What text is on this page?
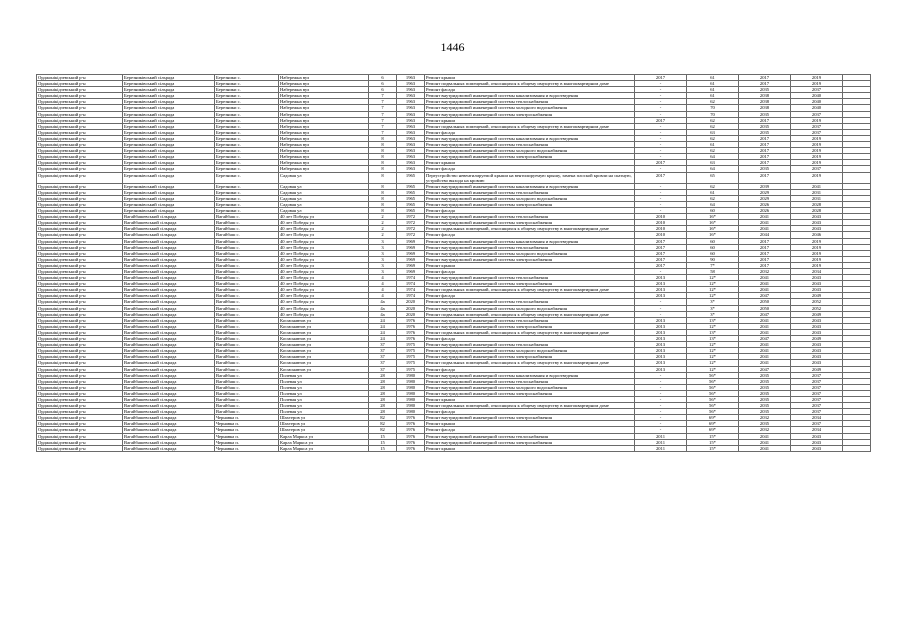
1446
Орджонікідзевський р-н	Березниківський сільрада	Березники с.	Набережна вул	6	1963	Ремонт крыши	2017	61	2017	2019	
Орджонікідзевський р-н	Березниківський сільрада	Березники с.	Набережна вул	6	1963	Ремонт подвальных помещений, относящихся к общему имуществу в многоквартирном доме	-	61	2017	2019	
Орджонікідзевський р-н	Березниківський сільрада	Березники с.	Набережна вул	6	1963	Ремонт фасада	-	61	2035	2037	
Орджонікідзевський р-н	Березниківський сільрада	Березники с.	Набережна вул	7	1963	Ремонт внутридомовой инженерной системы канализования и водоотведения	-	61	2038	2040	
Орджонікідзевський р-н	Березниківський сільрада	Березники с.	Набережна вул	7	1963	Ремонт внутридомовой инженерной системы теплоснабжения	-	62	2038	2040	
Орджонікідзевський р-н	Березниківський сільрада	Березники с.	Набережна вул	7	1963	Ремонт внутридомовой инженерной системы холодного водоснабжения	-	70	2038	2040	
Орджонікідзевський р-н	Березниківський сільрада	Березники с.	Набережна вул	7	1963	Ремонт внутридомовой инженерной системы электроснабжения	-	70	2035	2037	
Орджонікідзевський р-н	Березниківський сільрада	Березники с.	Набережна вул	7	1963	Ремонт крыши	2017	62	2017	2019	
Орджонікідзевський р-н	Березниківський сільрада	Березники с.	Набережна вул	7	1963	Ремонт подвальных помещений, относящихся к общему имуществу в многоквартирном доме	-	62	2035	2037	
Орджонікідзевський р-н	Березниківський сільрада	Березники с.	Набережна вул	7	1963	Ремонт фасада	-	63	2035	2037	
Орджонікідзевський р-н	Березниківський сільрада	Березники с.	Набережна вул	8	1963	Ремонт внутридомовой инженерной системы канализования и водоотведения	-	62	2017	2019	
Орджонікідзевський р-н	Березниківський сільрада	Березники с.	Набережна вул	8	1963	Ремонт внутридомовой инженерной системы теплоснабжения	-	61	2017	2019	
Орджонікідзевський р-н	Березниківський сільрада	Березники с.	Набережна вул	8	1963	Ремонт внутридомовой инженерной системы холодного водоснабжения	-	62	2017	2019	
Орджонікідзевський р-н	Березниківський сільрада	Березники с.	Набережна вул	8	1963	Ремонт внутридомовой инженерной системы электроснабжения	-	64	2017	2019	
Орджонікідзевський р-н	Березниківський сільрада	Березники с.	Набережна вул	8	1963	Ремонт крыши	2017	63	2017	2019	
Орджонікідзевський р-н	Березниківський сільрада	Березники с.	Набережна вул	8	1963	Ремонт фасада	-	64	2035	2037	
Орджонікідзевський р-н	Березниківський сільрада	Березники с.	Садовая ул	8	1965	Переустройство невентилируемой крыши на вентилируемую крышу, замена плоской кровли на скатную, устройство выхода на кровлю	2017	65	2017	2019	
Орджонікідзевський р-н	Березниківський сільрада	Березники с.	Садовая ул	8	1965	Ремонт внутридомовой инженерной системы канализования и водоотведения	-	62	2039	2041	
Орджонікідзевський р-н	Березниківський сільрада	Березники с.	Садовая ул	8	1965	Ремонт внутридомовой инженерной системы теплоснабжения	-	61	2029	2031	
Орджонікідзевський р-н	Березниківський сільрада	Березники с.	Садовая ул	8	1965	Ремонт внутридомовой инженерной системы холодного водоснабжения	-	62	2029	2031	
Орджонікідзевський р-н	Березниківський сільрада	Березники с.	Садовая ул	8	1965	Ремонт внутридомовой инженерной системы электроснабжения	-	64	2026	2028	
Орджонікідзевський р-н	Березниківський сільрада	Березники с.	Садовая ул	8	1965	Ремонт фасада	-	60	2026	2028	
Орджонікідзевський р-н	Вагайбашевський сільрада	Вагайбаш с.	40 лет Победы ул	2	1972	Ремонт внутридомовой инженерной системы теплоснабжения	2010	16*	2041	2043	
Орджонікідзевський р-н	Вагайбашевський сільрада	Вагайбаш с.	40 лет Победы ул	2	1972	Ремонт внутридомовой инженерной системы электроснабжения	2010	16*	2041	2043	
Орджонікідзевський р-н	Вагайбашевський сільрада	Вагайбаш с.	40 лет Победы ул	2	1972	Ремонт подвальных помещений, относящихся к общему имуществу в многоквартирном доме	2010	16*	2041	2043	
Орджонікідзевський р-н	Вагайбашевський сільрада	Вагайбаш с.	40 лет Победы ул	2	1972	Ремонт фасада	2010	16*	2044	2046	
Орджонікідзевський р-н	Вагайбашевський сільрада	Вагайбаш с.	40 лет Победы ул	3	1969	Ремонт внутридомовой инженерной системы канализования и водоотведения	2017	60	2017	2019	
Орджонікідзевський р-н	Вагайбашевський сільрада	Вагайбаш с.	40 лет Победы ул	3	1969	Ремонт внутридомовой инженерной системы теплоснабжения	2017	60	2017	2019	
Орджонікідзевський р-н	Вагайбашевський сільрада	Вагайбаш с.	40 лет Победы ул	3	1969	Ремонт внутридомовой инженерной системы холодного водоснабжения	2017	60	2017	2019	
Орджонікідзевський р-н	Вагайбашевський сільрада	Вагайбаш с.	40 лет Победы ул	3	1969	Ремонт внутридомовой инженерной системы электроснабжения	2017	90	2017	2019	
Орджонікідзевський р-н	Вагайбашевський сільрада	Вагайбаш с.	40 лет Победы ул	3	1969	Ремонт крыши	2017	7*	2017	2019	
Орджонікідзевський р-н	Вагайбашевський сільрада	Вагайбаш с.	40 лет Победы ул	3	1969	Ремонт фасада	-	58	2032	2034	
Орджонікідзевський р-н	Вагайбашевський сільрада	Вагайбаш с.	40 лет Победы ул	4	1974	Ремонт внутридомовой инженерной системы теплоснабжения	2013	12*	2041	2043	
Орджонікідзевський р-н	Вагайбашевський сільрада	Вагайбаш с.	40 лет Победы ул	4	1974	Ремонт внутридомовой инженерной системы электроснабжения	2013	12*	2041	2043	
Орджонікідзевський р-н	Вагайбашевський сільрада	Вагайбаш с.	40 лет Победы ул	4	1974	Ремонт подвальных помещений, относящихся к общему имуществу в многоквартирном доме	2013	12*	2041	2043	
Орджонікідзевський р-н	Вагайбашевський сільрада	Вагайбаш с.	40 лет Победы ул	4	1974	Ремонт фасада	2013	12*	2047	2049	
Орджонікідзевський р-н	Вагайбашевський сільрада	Вагайбаш с.	40 лет Победы ул	4а	2020	Ремонт внутридомовой инженерной системы теплоснабжения	-	3*	2050	2052	
Орджонікідзевський р-н	Вагайбашевський сільрада	Вагайбаш с.	40 лет Победы ул	4а	2020	Ремонт внутридомовой инженерной системы холодного водоснабжения	-	3*	2050	2052	
Орджонікідзевський р-н	Вагайбашевський сільрада	Вагайбаш с.	40 лет Победы ул	4а	2020	Ремонт подвальных помещений, относящихся к общему имуществу в многоквартирном доме	-	3*	2047	2049	
Орджонікідзевський р-н	Вагайбашевський сільрада	Вагайбаш с.	Космонавтов ул	24	1976	Ремонт внутридомовой инженерной системы теплоснабжения	2013	13*	2041	2043	
Орджонікідзевський р-н	Вагайбашевський сільрада	Вагайбаш с.	Космонавтов ул	24	1976	Ремонт внутридомовой инженерной системы электроснабжения	2013	12*	2041	2043	
Орджонікідзевський р-н	Вагайбашевський сільрада	Вагайбаш с.	Космонавтов ул	24	1976	Ремонт подвальных помещений, относящихся к общему имуществу в многоквартирном доме	2013	13*	2041	2043	
Орджонікідзевський р-н	Вагайбашевський сільрада	Вагайбаш с.	Космонавтов ул	24	1976	Ремонт фасада	2013	13*	2047	2049	
Орджонікідзевський р-н	Вагайбашевський сільрада	Вагайбаш с.	Космонавтов ул	37	1975	Ремонт внутридомовой инженерной системы теплоснабжения	2013	12*	2041	2043	
Орджонікідзевський р-н	Вагайбашевський сільрада	Вагайбаш с.	Космонавтов ул	37	1975	Ремонт внутридомовой инженерной системы холодного водоснабжения	2013	12*	2041	2043	
Орджонікідзевський р-н	Вагайбашевський сільрада	Вагайбаш с.	Космонавтов ул	37	1975	Ремонт внутридомовой инженерной системы электроснабжения	2013	12*	2041	2043	
Орджонікідзевський р-н	Вагайбашевський сільрада	Вагайбаш с.	Космонавтов ул	37	1975	Ремонт подвальных помещений, относящихся к общему имуществу в многоквартирном доме	2013	12*	2041	2043	
Орджонікідзевський р-н	Вагайбашевський сільрада	Вагайбаш с.	Космонавтов ул	37	1975	Ремонт фасада	2013	12*	2047	2049	
Орджонікідзевський р-н	Вагайбашевський сільрада	Вагайбаш с.	Полевая ул	28	1980	Ремонт внутридомовой инженерной системы канализования и водоотведения	-	56*	2035	2037	
Орджонікідзевський р-н	Вагайбашевський сільрада	Вагайбаш с.	Полевая ул	28	1980	Ремонт внутридомовой инженерной системы теплоснабжения	-	56*	2035	2037	
Орджонікідзевський р-н	Вагайбашевський сільрада	Вагайбаш с.	Полевая ул	28	1980	Ремонт внутридомовой инженерной системы холодного водоснабжения	-	56*	2035	2037	
Орджонікідзевський р-н	Вагайбашевський сільрада	Вагайбаш с.	Полевая ул	28	1980	Ремонт внутридомовой инженерной системы электроснабжения	-	56*	2035	2037	
Орджонікідзевський р-н	Вагайбашевський сільрада	Вагайбаш с.	Полевая ул	28	1980	Ремонт крыши	-	56*	2035	2037	
Орджонікідзевський р-н	Вагайбашевський сільрада	Вагайбаш с.	Полевая ул	28	1980	Ремонт подвальных помещений, относящихся к общему имуществу в многоквартирном доме	-	56*	2035	2037	
Орджонікідзевський р-н	Вагайбашевський сільрада	Вагайбаш с.	Полевая ул	28	1980	Ремонт фасада	-	56*	2035	2037	
Орджонікідзевський р-н	Вагайбашевський сільрада	Чернавка п.	Шахтеров ул	82	1976	Ремонт внутридомовой инженерной системы электроснабжения	-	69*	2032	2034	
Орджонікідзевський р-н	Вагайбашевський сільрада	Чернавка п.	Шахтеров ул	82	1976	Ремонт крыши	-	69*	2035	2037	
Орджонікідзевський р-н	Вагайбашевський сільрада	Чернавка п.	Шахтеров ул	82	1976	Ремонт фасада	-	69*	2032	2034	
Орджонікідзевський р-н	Вагайбашевський сільрада	Чернавка п.	Карла Маркса ул	15	1976	Ремонт внутридомовой инженерной системы теплоснабжения	2011	15*	2041	2043	
Орджонікідзевський р-н	Вагайбашевський сільрада	Чернавка п.	Карла Маркса ул	15	1976	Ремонт внутридомовой инженерной системы электроснабжения	2011	15*	2041	2043	
Орджонікідзевський р-н	Вагайбашевський сільрада	Чернавка п.	Карла Маркса ул	15	1976	Ремонт крыши	2011	15*	2041	2043	
